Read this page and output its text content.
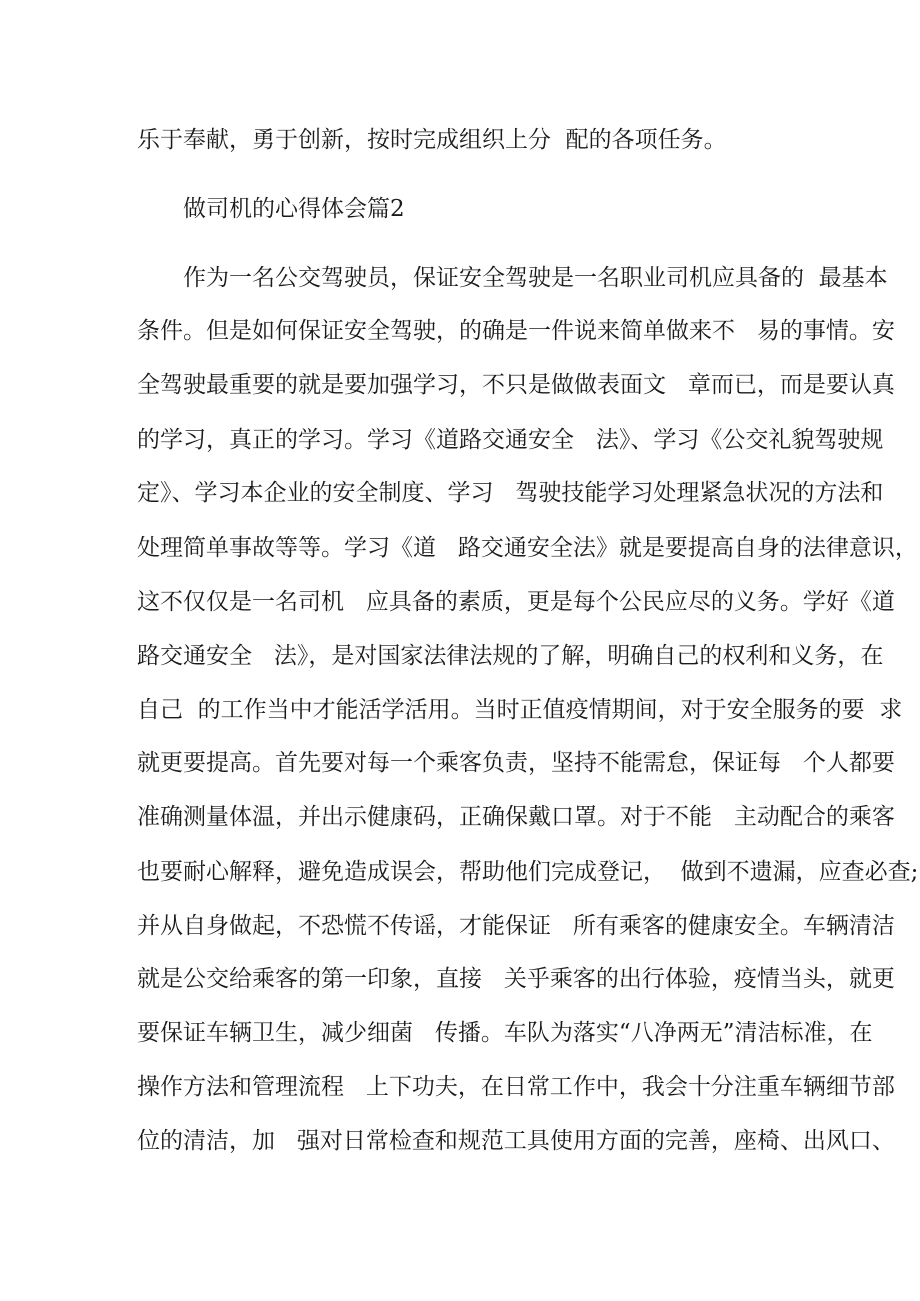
乐于奉献，勇于创新，按时完成组织上分  配的各项任务。
做司机的心得体会篇2
作为一名公交驾驶员，保证安全驾驶是一名职业司机应具备的  最基本
条件。但是如何保证安全驾驶，的确是一件说来简单做来不   易的事情。安
全驾驶最重要的就是要加强学习，不只是做做表面文   章而已，而是要认真
的学习，真正的学习。学习《道路交通安全   法》、学习《公交礼貌驾驶规
定》、学习本企业的安全制度、学习   驾驶技能学习处理紧急状况的方法和
处理简单事故等等。学习《道   路交通安全法》就是要提高自身的法律意识，
这不仅仅是一名司机   应具备的素质，更是每个公民应尽的义务。学好《道
路交通安全   法》，是对国家法律法规的了解，明确自己的权利和义务，在
自己  的工作当中才能活学活用。当时正值疫情期间，对于安全服务的要  求
就更要提高。首先要对每一个乘客负责，坚持不能需怠，保证每   个人都要
准确测量体温，并出示健康码，正确保戴口罩。对于不能   主动配合的乘客
也要耐心解释，避免造成误会，帮助他们完成登记，  做到不遗漏，应查必查;
并从自身做起，不恐慌不传谣，才能保证   所有乘客的健康安全。车辆清洁
就是公交给乘客的第一印象，直接   关乎乘客的出行体验，疫情当头，就更
要保证车辆卫生，减少细菌   传播。车队为落实“八净两无”清洁标准，在
操作方法和管理流程   上下功夫，在日常工作中，我会十分注重车辆细节部
位的清洁，加   强对日常检查和规范工具使用方面的完善，座椅、出风口、
